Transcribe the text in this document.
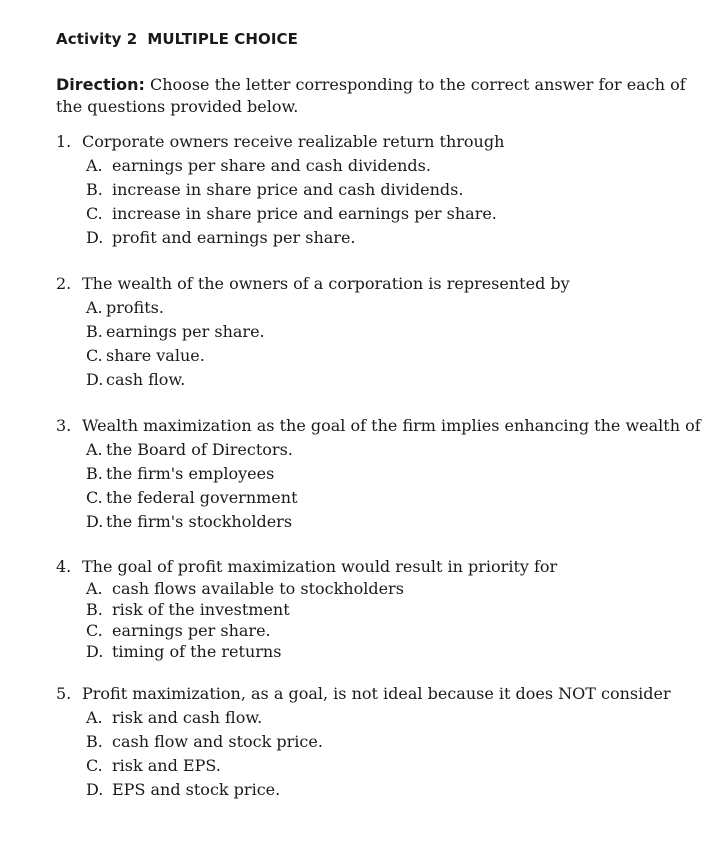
Activity 2 MULTIPLE CHOICE
Direction: Choose the letter corresponding to the correct answer for each of the questions provided below.
1. Corporate owners receive realizable return through
A. earnings per share and cash dividends.
B. increase in share price and cash dividends.
C. increase in share price and earnings per share.
D. profit and earnings per share.
2. The wealth of the owners of a corporation is represented by
A. profits.
B. earnings per share.
C. share value.
D. cash flow.
3. Wealth maximization as the goal of the firm implies enhancing the wealth of
A. the Board of Directors.
B. the firm's employees
C. the federal government
D. the firm's stockholders
4. The goal of profit maximization would result in priority for
A. cash flows available to stockholders
B. risk of the investment
C. earnings per share.
D. timing of the returns
5. Profit maximization, as a goal, is not ideal because it does NOT consider
A. risk and cash flow.
B. cash flow and stock price.
C. risk and EPS.
D. EPS and stock price.
